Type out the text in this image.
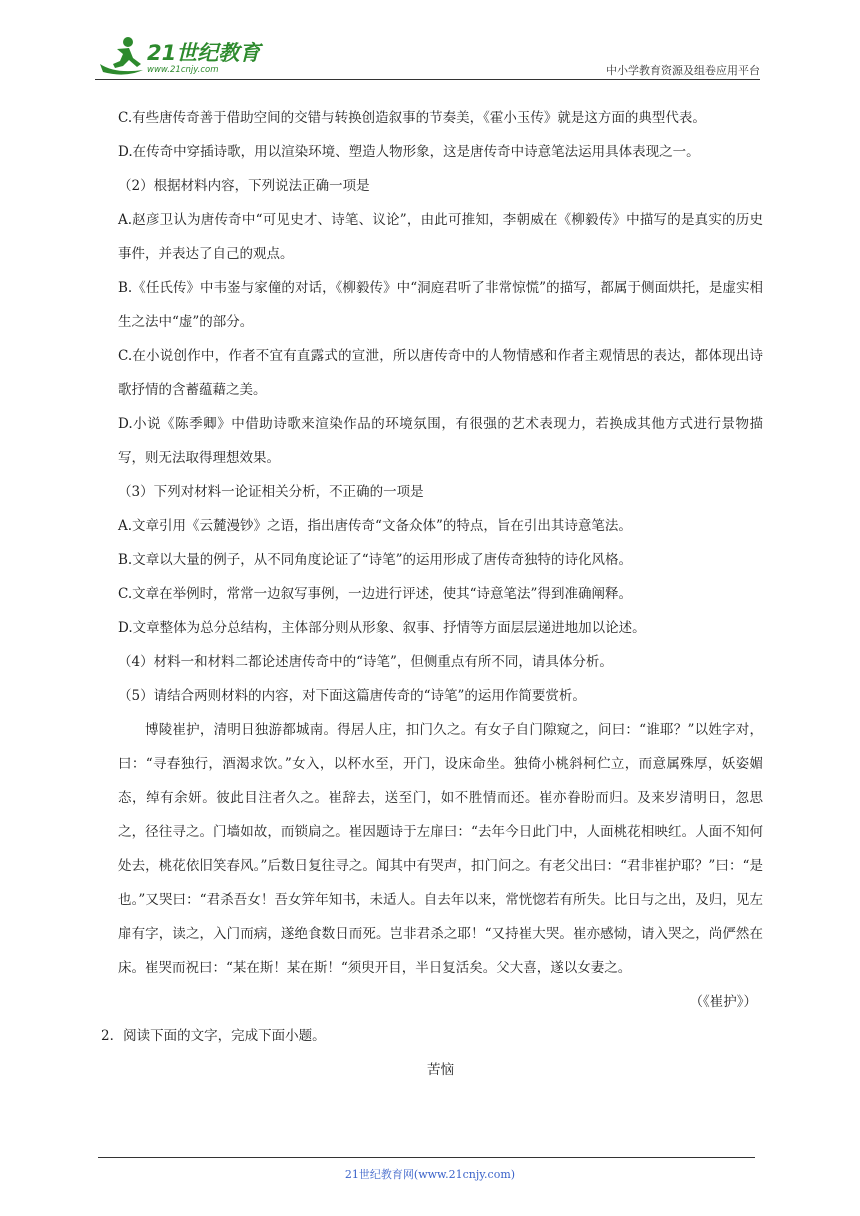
21世纪教育
www.21cnjy.com	中小学教育资源及组卷应用平台

C.有些唐传奇善于借助空间的交错与转换创造叙事的节奏美，《霍小玉传》就是这方面的典型代表。

D.在传奇中穿插诗歌，用以渲染环境、塑造人物形象，这是唐传奇中诗意笔法运用具体表现之一。

（2）根据材料内容，下列说法正确一项是

A.赵彦卫认为唐传奇中“可见史才、诗笔、议论”，由此可推知，李朝威在《柳毅传》中描写的是真实的历史事件，并表达了自己的观点。

B.《任氏传》中韦崟与家僮的对话，《柳毅传》中“洞庭君听了非常惊慌”的描写，都属于侧面烘托，是虚实相生之法中“虚”的部分。

C.在小说创作中，作者不宜有直露式的宣泄，所以唐传奇中的人物情感和作者主观情思的表达，都体现出诗歌抒情的含蓄蕴藉之美。

D.小说《陈季卿》中借助诗歌来渲染作品的环境氛围，有很强的艺术表现力，若换成其他方式进行景物描写，则无法取得理想效果。

（3）下列对材料一论证相关分析，不正确的一项是

A.文章引用《云麓漫钞》之语，指出唐传奇“文备众体”的特点，旨在引出其诗意笔法。

B.文章以大量的例子，从不同角度论证了“诗笔”的运用形成了唐传奇独特的诗化风格。

C.文章在举例时，常常一边叙写事例，一边进行评述，使其“诗意笔法”得到准确阐释。

D.文章整体为总分总结构，主体部分则从形象、叙事、抒情等方面层层递进地加以论述。

（4）材料一和材料二都论述唐传奇中的“诗笔”，但侧重点有所不同，请具体分析。

（5）请结合两则材料的内容，对下面这篇唐传奇的“诗笔”的运用作简要赏析。

博陵崔护，清明日独游都城南。得居人庄，扣门久之。有女子自门隙窥之，问曰：“谁耶？”以姓字对，曰：“寻春独行，酒渴求饮。”女入，以杯水至，开门，设床命坐。独倚小桃斜柯伫立，而意属殊厚，妖姿媚态，绰有余妍。彼此目注者久之。崔辞去，送至门，如不胜情而还。崔亦眷盼而归。及来岁清明日，忽思之，径往寻之。门墙如故，而锁扃之。崔因题诗于左扉曰：“去年今日此门中，人面桃花相映红。人面不知何处去，桃花依旧笑春风。”后数日复往寻之。闻其中有哭声，扣门问之。有老父出曰：“君非崔护耶？”曰：“是也。”又哭曰：“君杀吾女！吾女笄年知书，未适人。自去年以来，常恍惚若有所失。比日与之出，及归，见左扉有字，读之，入门而病，遂绝食数日而死。岂非君杀之耶！“又持崔大哭。崔亦感恸，请入哭之，尚俨然在床。崔哭而祝曰：“某在斯！某在斯！“须臾开目，半日复活矣。父大喜，遂以女妻之。

（《崔护》）

2．阅读下面的文字，完成下面小题。

苦恼

21世纪教育网(www.21cnjy.com)
